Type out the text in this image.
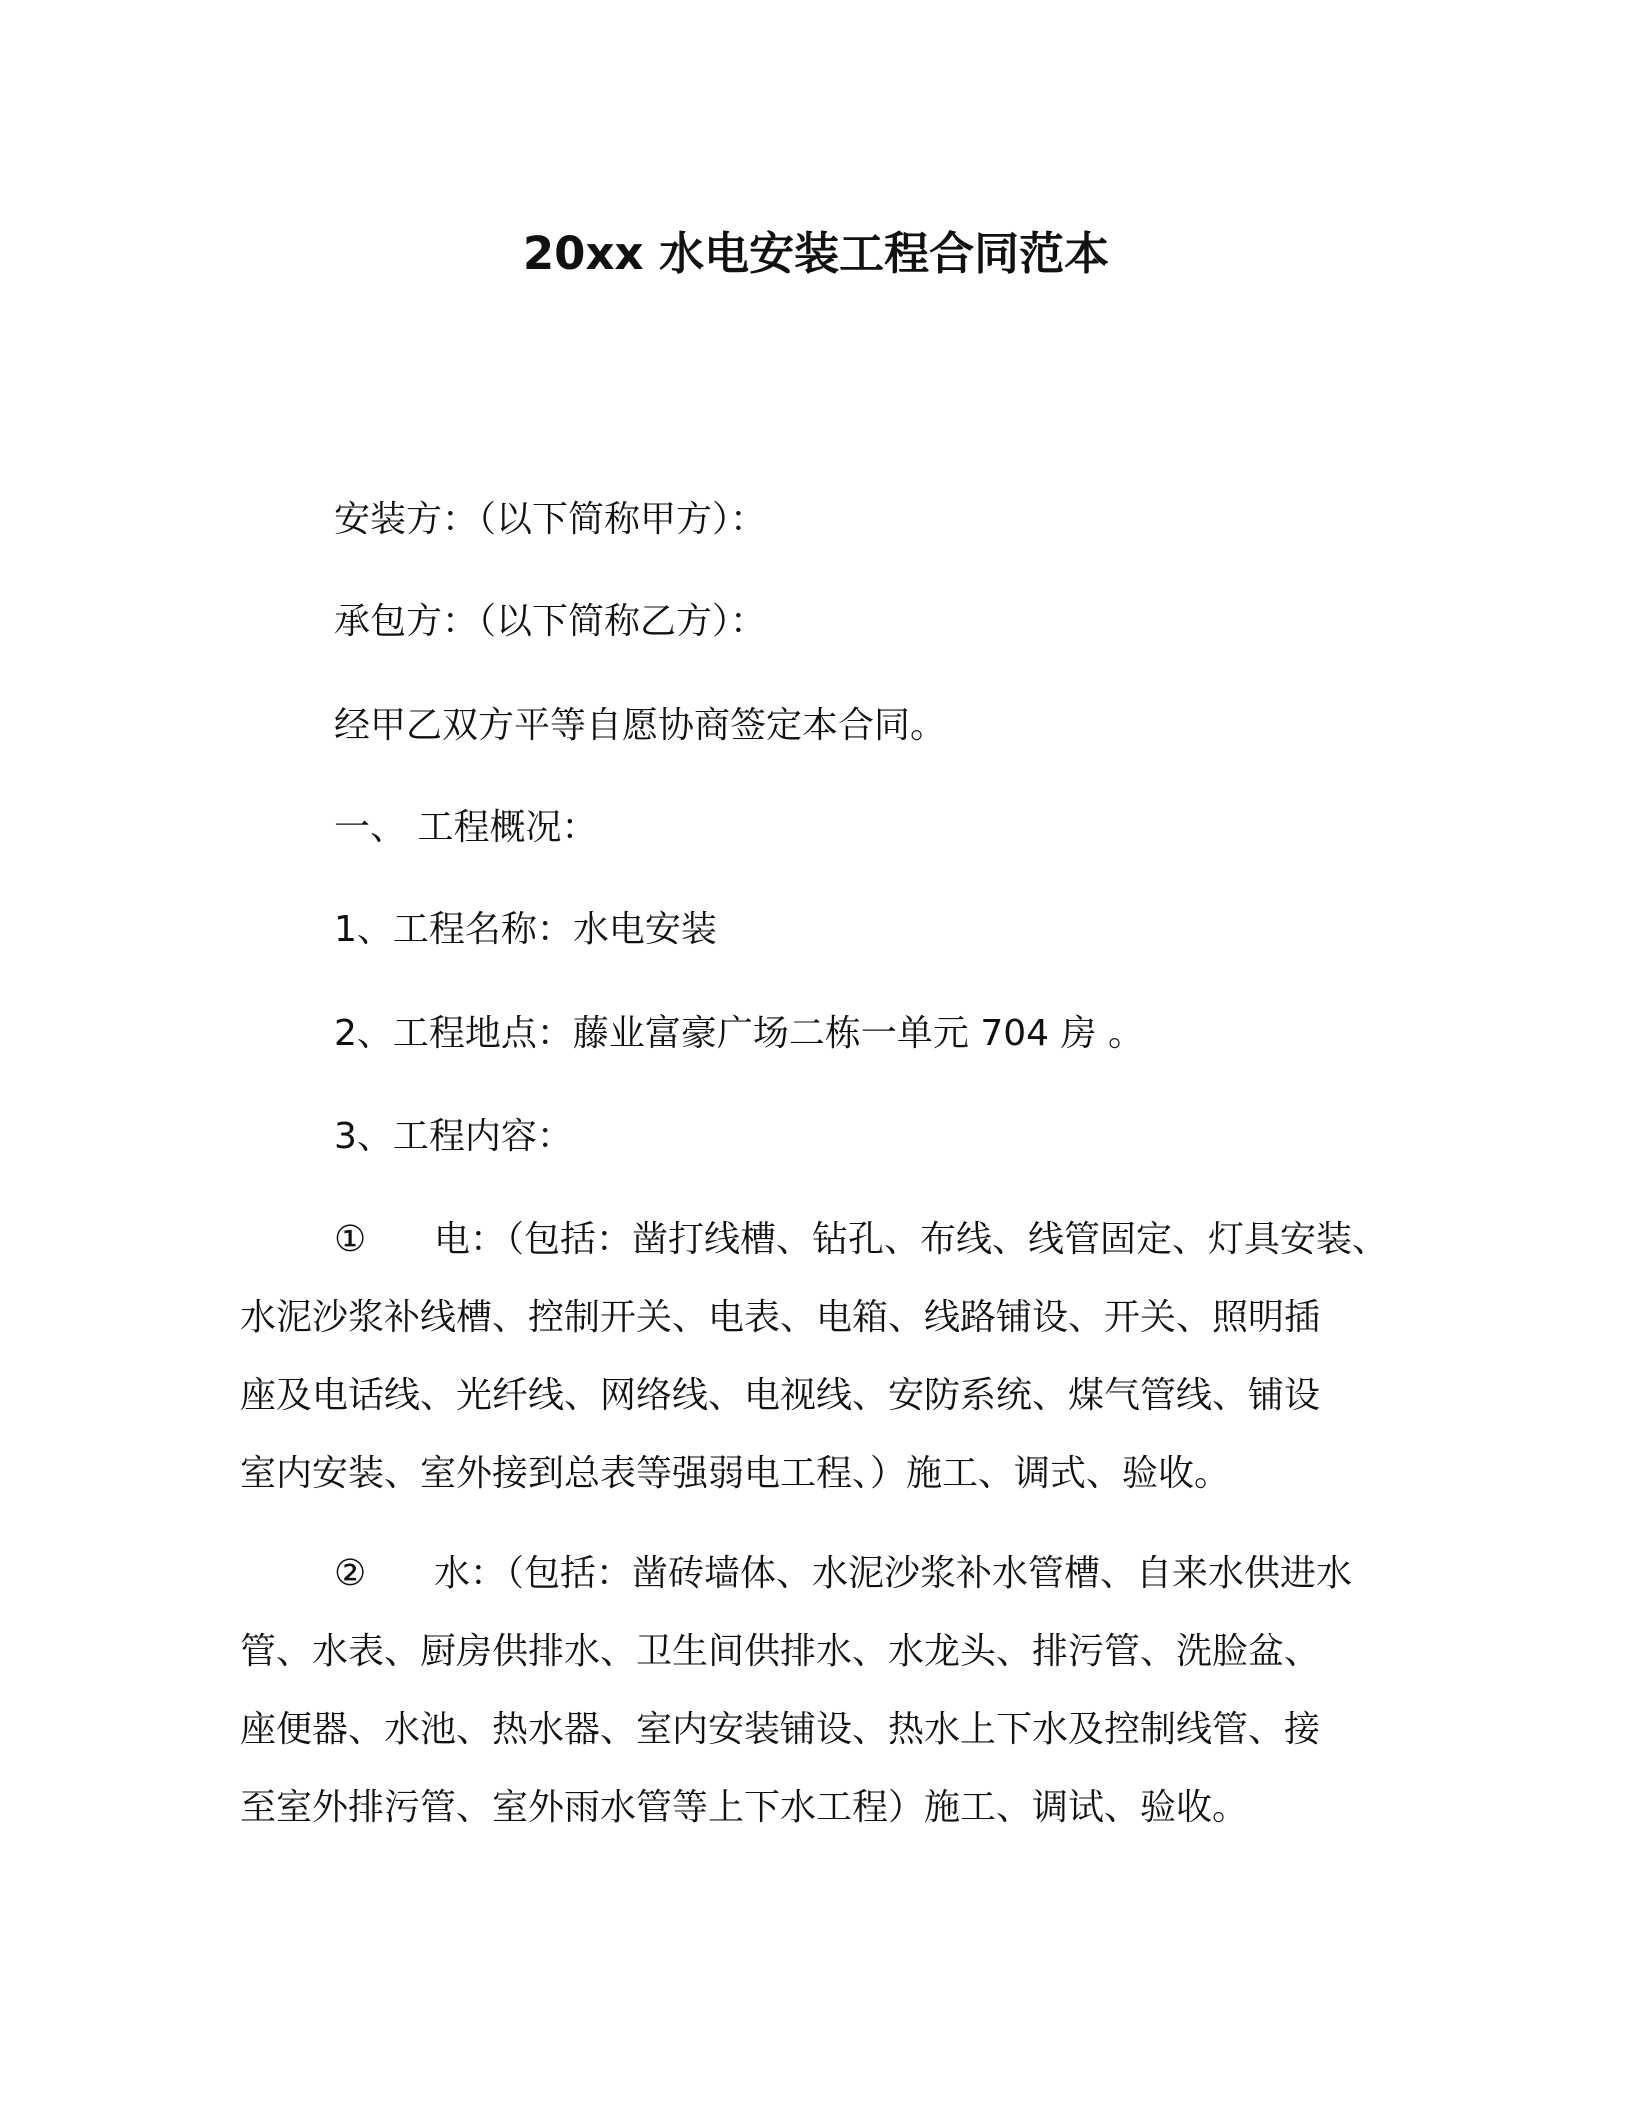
20xx 水电安装工程合同范本
安装方：（以下简称甲方）：
承包方：（以下简称乙方）：
经甲乙双方平等自愿协商签定本合同。
一、 工程概况：
1、工程名称：水电安装
2、工程地点：藤业富豪广场二栋一单元 704 房 。
3、工程内容：
① 电：（包括：凿打线槽、钻孔、布线、线管固定、灯具安装、
水泥沙浆补线槽、控制开关、电表、电箱、线路铺设、开关、照明插
座及电话线、光纤线、网络线、电视线、安防系统、煤气管线、铺设
室内安装、室外接到总表等强弱电工程、）施工、调式、验收。
② 水：（包括：凿砖墙体、水泥沙浆补水管槽、自来水供进水
管、水表、厨房供排水、卫生间供排水、水龙头、排污管、洗脸盆、
座便器、水池、热水器、室内安装铺设、热水上下水及控制线管、接
至室外排污管、室外雨水管等上下水工程）施工、调试、验收。
